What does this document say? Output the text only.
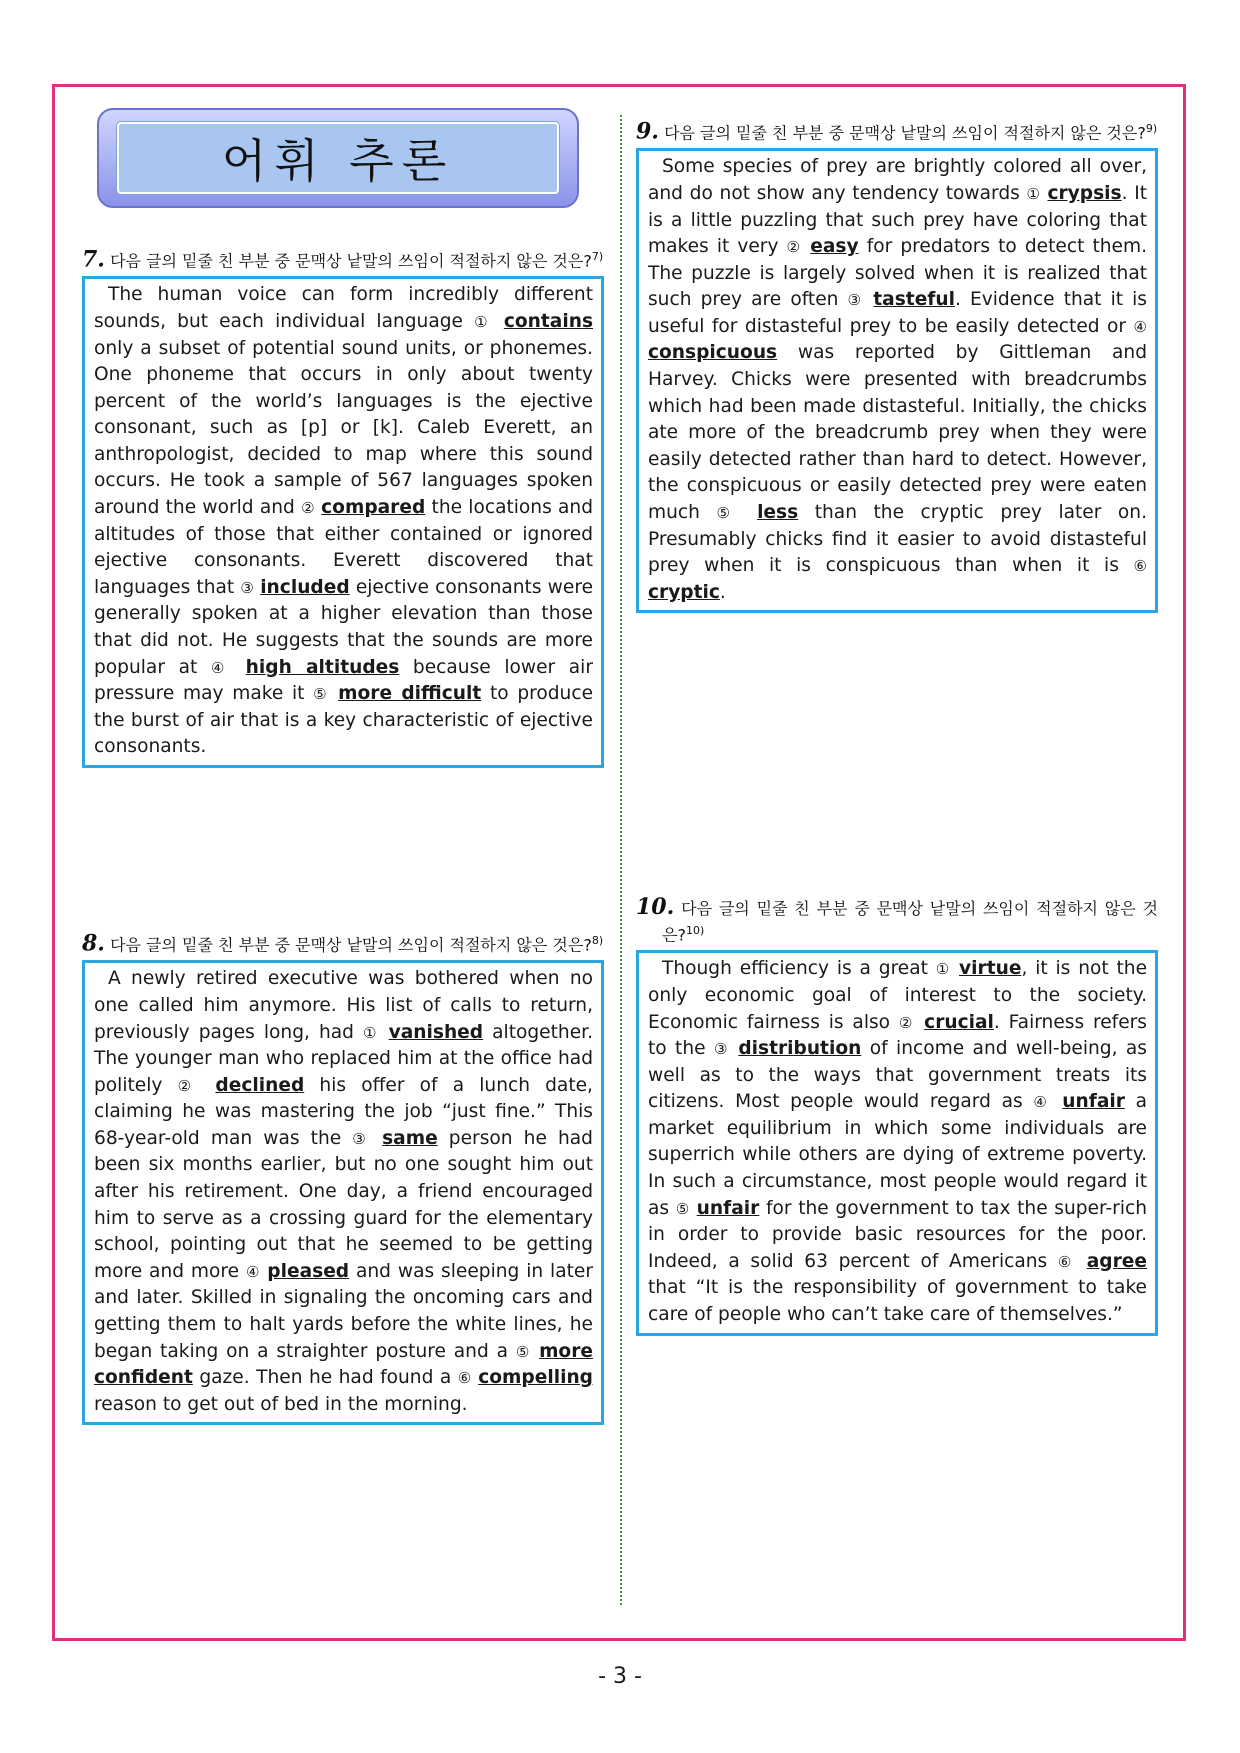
어휘 추론
7. 다음 글의 밑줄 친 부분 중 문맥상 낱말의 쓰임이 적절하지 않은 것은?$^{7)}$

The human voice can form incredibly different sounds, but each individual language ① contains only a subset of potential sound units, or phonemes. One phoneme that occurs in only about twenty percent of the world’s languages is the ejective consonant, such as [p] or [k]. Caleb Everett, an anthropologist, decided to map where this sound occurs. He took a sample of 567 languages spoken around the world and ② compared the locations and altitudes of those that either contained or ignored ejective consonants. Everett discovered that languages that ③ included ejective consonants were generally spoken at a higher elevation than those that did not. He suggests that the sounds are more popular at ④ high altitudes because lower air pressure may make it ⑤ more difficult to produce the burst of air that is a key characteristic of ejective consonants.

8. 다음 글의 밑줄 친 부분 중 문맥상 낱말의 쓰임이 적절하지 않은 것은?$^{8)}$

A newly retired executive was bothered when no one called him anymore. His list of calls to return, previously pages long, had ① vanished altogether. The younger man who replaced him at the office had politely ② declined his offer of a lunch date, claiming he was mastering the job “just fine.” This 68-year-old man was the ③ same person he had been six months earlier, but no one sought him out after his retirement. One day, a friend encouraged him to serve as a crossing guard for the elementary school, pointing out that he seemed to be getting more and more ④ pleased and was sleeping in later and later. Skilled in signaling the oncoming cars and getting them to halt yards before the white lines, he began taking on a straighter posture and a ⑤ more confident gaze. Then he had found a ⑥ compelling reason to get out of bed in the morning.

9. 다음 글의 밑줄 친 부분 중 문맥상 낱말의 쓰임이 적절하지 않은 것은?$^{9)}$

Some species of prey are brightly colored all over, and do not show any tendency towards ① crypsis. It is a little puzzling that such prey have coloring that makes it very ② easy for predators to detect them. The puzzle is largely solved when it is realized that such prey are often ③ tasteful. Evidence that it is useful for distasteful prey to be easily detected or ④ conspicuous was reported by Gittleman and Harvey. Chicks were presented with breadcrumbs which had been made distasteful. Initially, the chicks ate more of the breadcrumb prey when they were easily detected rather than hard to detect. However, the conspicuous or easily detected prey were eaten much ⑤ less than the cryptic prey later on. Presumably chicks find it easier to avoid distasteful prey when it is conspicuous than when it is ⑥ cryptic.

10. 다음 글의 밑줄 친 부분 중 문맥상 낱말의 쓰임이 적절하지 않은 것은?$^{10)}$

Though efficiency is a great ① virtue, it is not the only economic goal of interest to the society. Economic fairness is also ② crucial. Fairness refers to the ③ distribution of income and well-being, as well as to the ways that government treats its citizens. Most people would regard as ④ unfair a market equilibrium in which some individuals are superrich while others are dying of extreme poverty. In such a circumstance, most people would regard it as ⑤ unfair for the government to tax the super-rich in order to provide basic resources for the poor. Indeed, a solid 63 percent of Americans ⑥ agree that “It is the responsibility of government to take care of people who can’t take care of themselves.”

- 3 -
